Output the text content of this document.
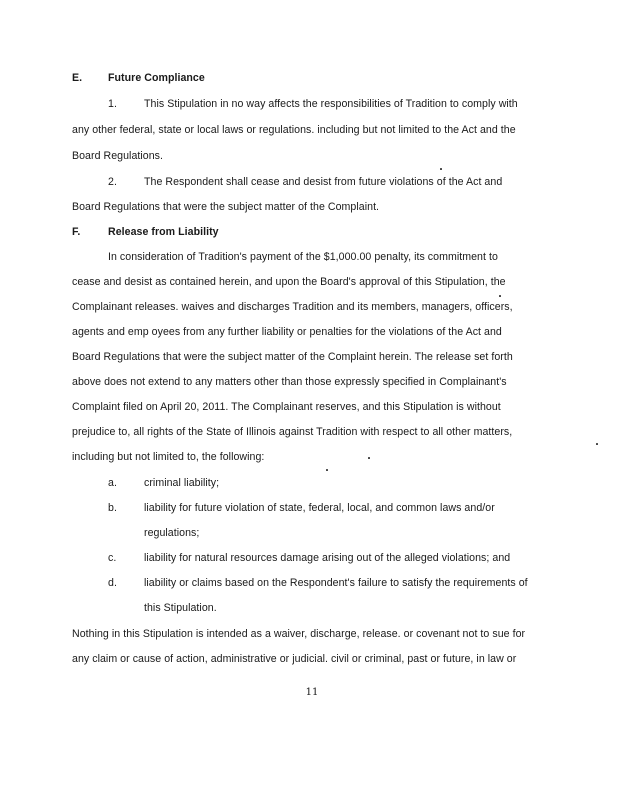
E. Future Compliance
1.	This Stipulation in no way affects the responsibilities of Tradition to comply with
any other federal, state or local laws or regulations. including but not limited to the Act and the
Board Regulations.
2.	The Respondent shall cease and desist from future violations of the Act and
Board Regulations that were the subject matter of the Complaint.
F.	Release from Liability
In consideration of Tradition's payment of the $1,000.00 penalty, its commitment to
cease and desist as contained herein, and upon the Board's approval of this Stipulation, the
Complainant releases. waives and discharges Tradition and its members, managers, officers,
agents and emp oyees from any further liability or penalties for the violations of the Act and
Board Regulations that were the subject matter of the Complaint herein. The release set forth
above does not extend to any matters other than those expressly specified in Complainant's
Complaint filed on April 20, 2011. The Complainant reserves, and this Stipulation is without
prejudice to, all rights of the State of Illinois against Tradition with respect to all other matters,
including but not limited to, the following:
a.	criminal liability;
b.	liability for future violation of state, federal, local, and common laws and/or
regulations;
c.	liability for natural resources damage arising out of the alleged violations; and
d.	liability or claims based on the Respondent's failure to satisfy the requirements of
this Stipulation.
Nothing in this Stipulation is intended as a waiver, discharge, release. or covenant not to sue for
any claim or cause of action, administrative or judicial. civil or criminal, past or future, in law or
11
